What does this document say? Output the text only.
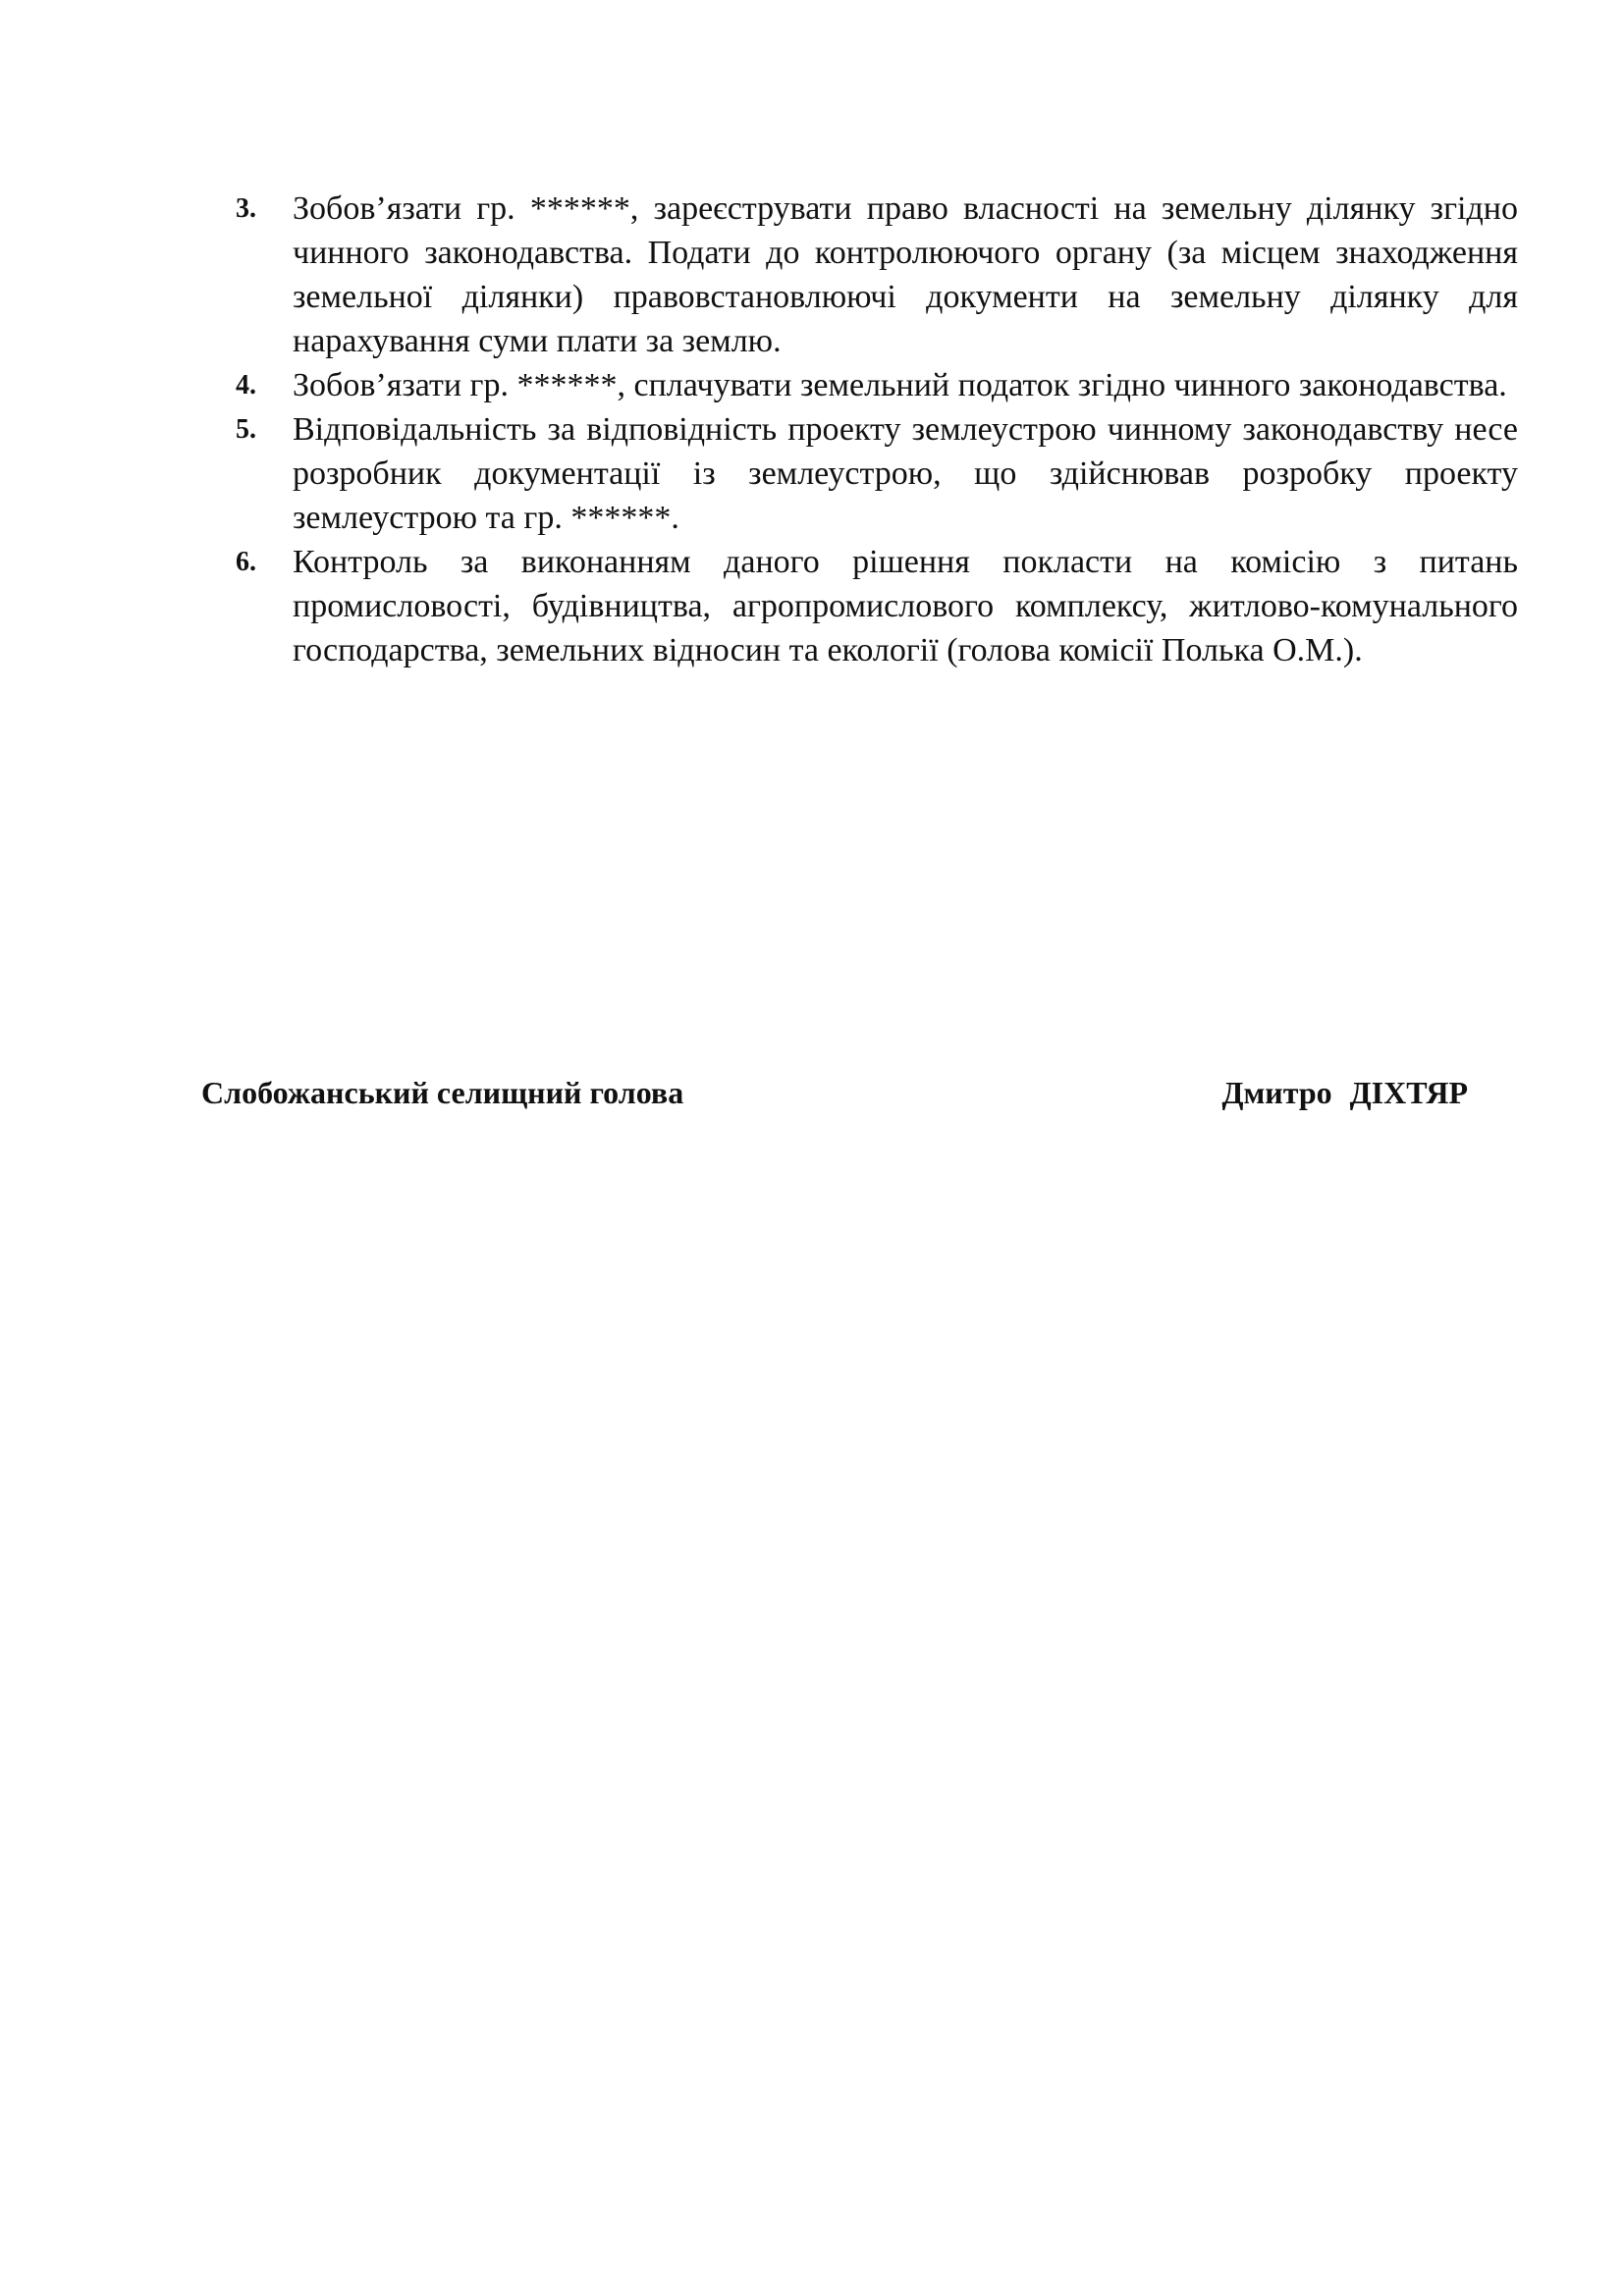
3. Зобов’язати гр. ******, зареєструвати право власності на земельну ділянку згідно чинного законодавства. Подати до контролюючого органу (за місцем знаходження земельної ділянки) правовстановлюючі документи на земельну ділянку для нарахування суми плати за землю.
4. Зобов’язати гр. ******, сплачувати земельний податок згідно чинного законодавства.
5. Відповідальність за відповідність проекту землеустрою чинному законодавству несе розробник документації із землеустрою, що здійснював розробку проекту землеустрою та гр. ******.
6. Контроль за виконанням даного рішення покласти на комісію з питань промисловості, будівництва, агропромислового комплексу, житлово-комунального господарства, земельних відносин та екології (голова комісії Полька О.М.).
Слобожанський селищний голова	Дмитро ДІХТЯР
